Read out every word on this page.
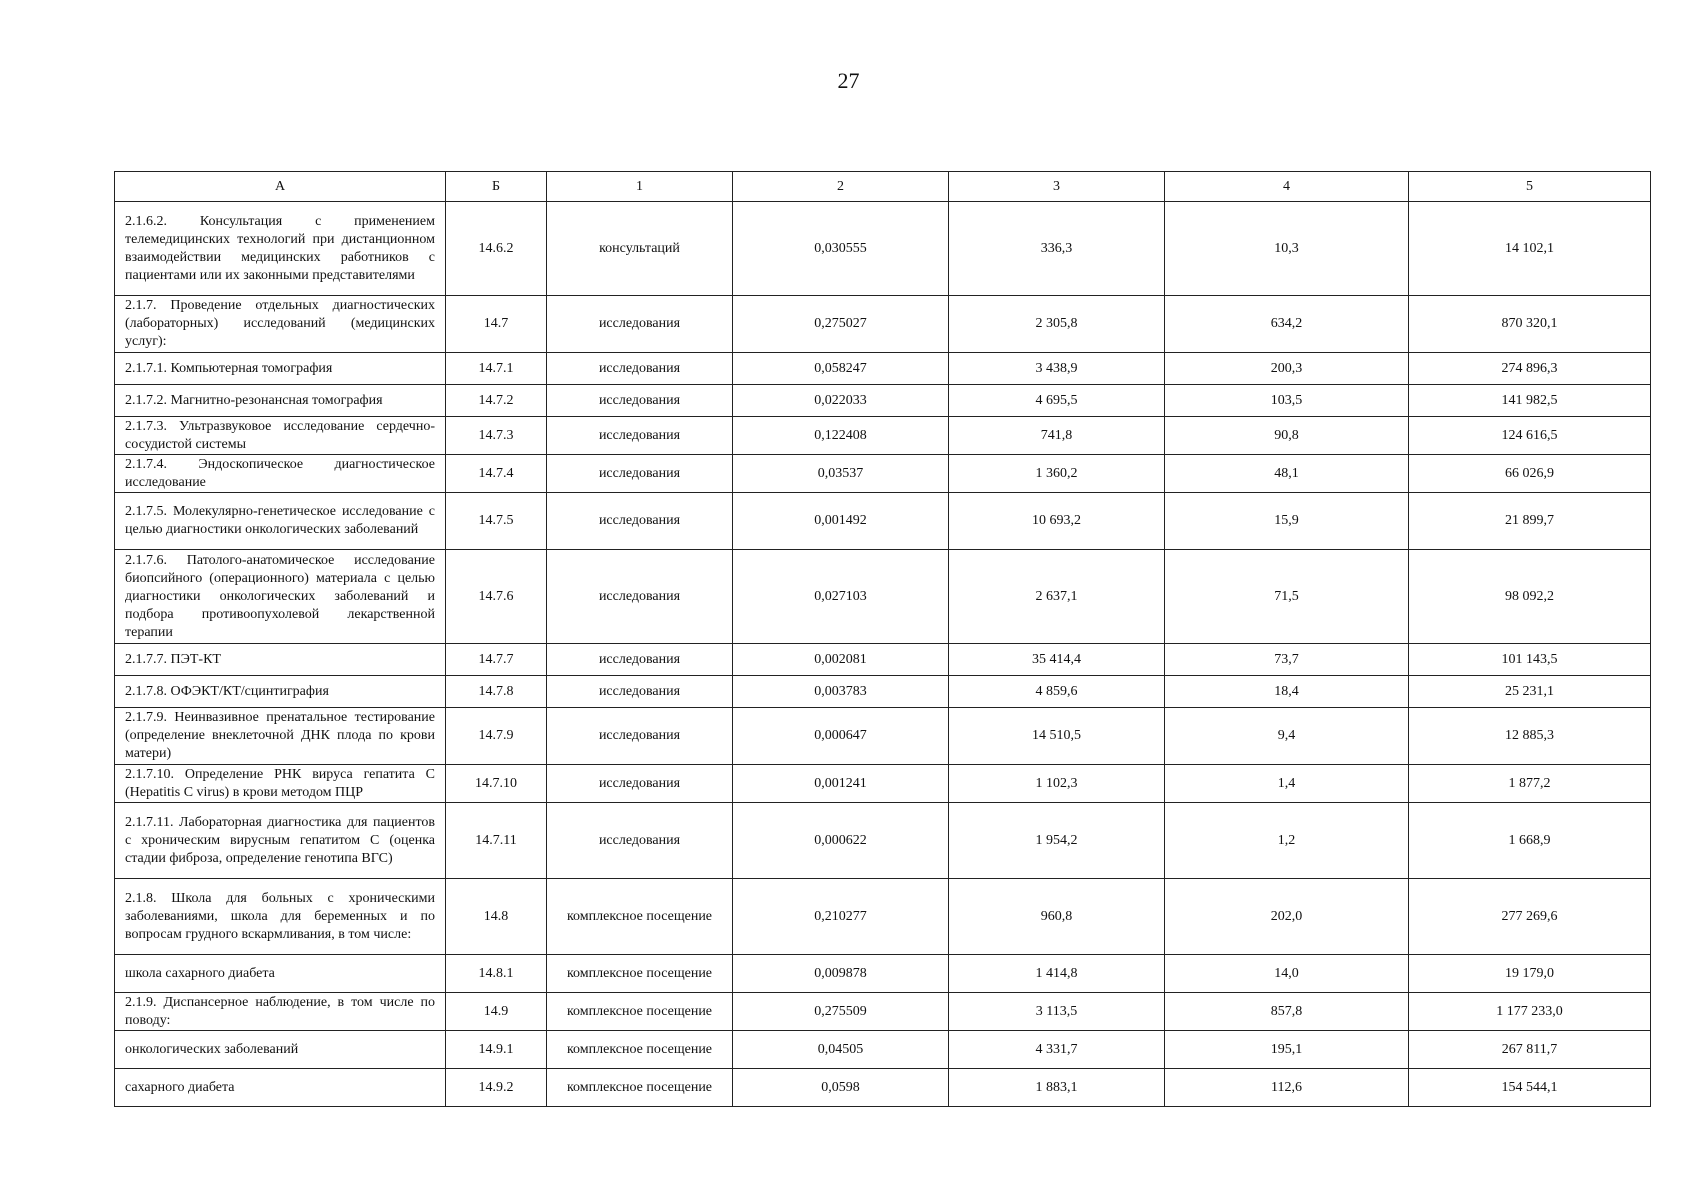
27
А	Б	1	2	3	4	5
2.1.6.2. Консультация с применением телемедицинских технологий при дистанционном взаимодействии медицинских работников с пациентами или их законными представителями	14.6.2	консультаций	0,030555	336,3	10,3	14 102,1
2.1.7. Проведение отдельных диагностических (лабораторных) исследований (медицинских услуг):	14.7	исследования	0,275027	2 305,8	634,2	870 320,1
2.1.7.1. Компьютерная томография	14.7.1	исследования	0,058247	3 438,9	200,3	274 896,3
2.1.7.2. Магнитно-резонансная томография	14.7.2	исследования	0,022033	4 695,5	103,5	141 982,5
2.1.7.3. Ультразвуковое исследование сердечно-сосудистой системы	14.7.3	исследования	0,122408	741,8	90,8	124 616,5
2.1.7.4. Эндоскопическое диагностическое исследование	14.7.4	исследования	0,03537	1 360,2	48,1	66 026,9
2.1.7.5. Молекулярно-генетическое исследование с целью диагностики онкологических заболеваний	14.7.5	исследования	0,001492	10 693,2	15,9	21 899,7
2.1.7.6. Патолого-анатомическое исследование биопсийного (операционного) материала с целью диагностики онкологических заболеваний и подбора противоопухолевой лекарственной терапии	14.7.6	исследования	0,027103	2 637,1	71,5	98 092,2
2.1.7.7. ПЭТ-КТ	14.7.7	исследования	0,002081	35 414,4	73,7	101 143,5
2.1.7.8. ОФЭКТ/КТ/сцинтиграфия	14.7.8	исследования	0,003783	4 859,6	18,4	25 231,1
2.1.7.9. Неинвазивное пренатальное тестирование (определение внеклеточной ДНК плода по крови матери)	14.7.9	исследования	0,000647	14 510,5	9,4	12 885,3
2.1.7.10. Определение РНК вируса гепатита C (Hepatitis C virus) в крови методом ПЦР	14.7.10	исследования	0,001241	1 102,3	1,4	1 877,2
2.1.7.11. Лабораторная диагностика для пациентов с хроническим вирусным гепатитом С (оценка стадии фиброза, определение генотипа ВГС)	14.7.11	исследования	0,000622	1 954,2	1,2	1 668,9
2.1.8. Школа для больных с хроническими заболеваниями, школа для беременных и по вопросам грудного вскармливания, в том числе:	14.8	комплексное посещение	0,210277	960,8	202,0	277 269,6
школа сахарного диабета	14.8.1	комплексное посещение	0,009878	1 414,8	14,0	19 179,0
2.1.9. Диспансерное наблюдение, в том числе по поводу:	14.9	комплексное посещение	0,275509	3 113,5	857,8	1 177 233,0
онкологических заболеваний	14.9.1	комплексное посещение	0,04505	4 331,7	195,1	267 811,7
сахарного диабета	14.9.2	комплексное посещение	0,0598	1 883,1	112,6	154 544,1
